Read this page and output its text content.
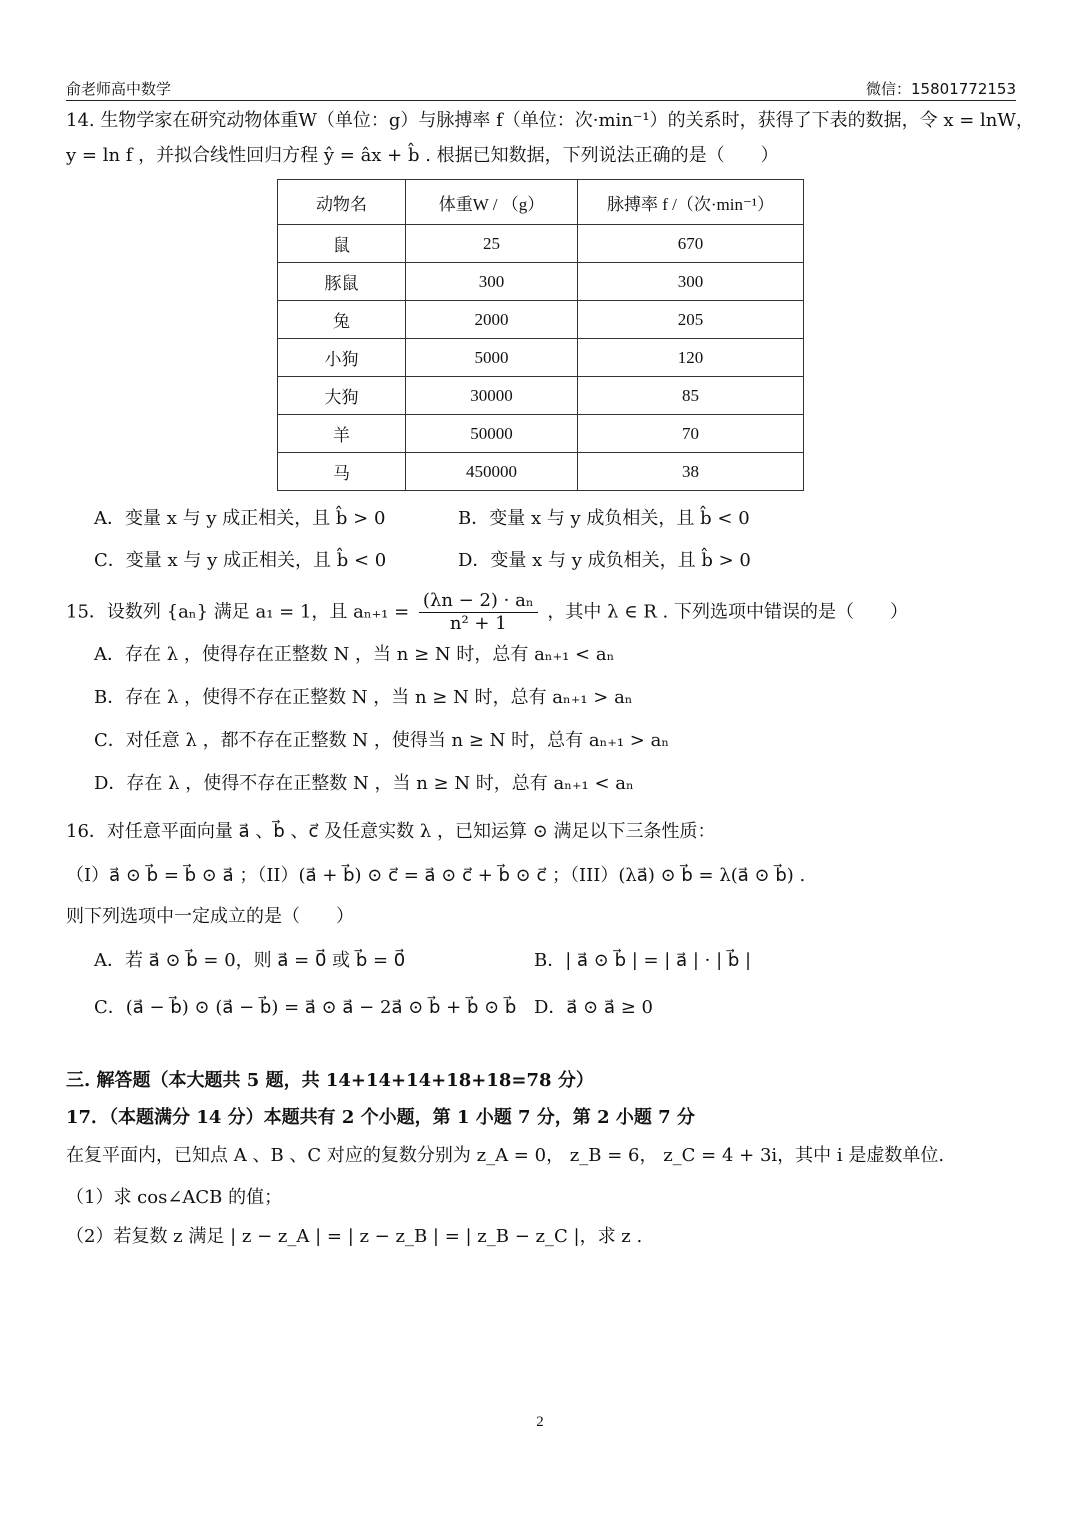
俞老师高中数学	微信：15801772153
14. 生物学家在研究动物体重W（单位：g）与脉搏率 f（单位：次·min⁻¹）的关系时，获得了下表的数据，令 x = lnW，
y = ln f ，并拟合线性回归方程 ŷ = âx + b̂ . 根据已知数据，下列说法正确的是（　　）
动物名	体重W / （g）	脉搏率 f /（次·min⁻¹）
鼠	25	670
豚鼠	300	300
兔	2000	205
小狗	5000	120
大狗	30000	85
羊	50000	70
马	450000	38
A．变量 x 与 y 成正相关，且 b̂ > 0	B．变量 x 与 y 成负相关，且 b̂ < 0
C．变量 x 与 y 成正相关，且 b̂ < 0	D．变量 x 与 y 成负相关，且 b̂ > 0
15．设数列 {aₙ} 满足 a₁ = 1，且 $a_{n+1} = \frac{\text{(λn − 2) · aₙ}}{\text{n² + 1}}$ ，其中 λ ∈ R . 下列选项中错误的是（　　）
A．存在 λ ，使得存在正整数 N ，当 n ≥ N 时，总有 aₙ₊₁ < aₙ
B．存在 λ ，使得不存在正整数 N ，当 n ≥ N 时，总有 aₙ₊₁ > aₙ
C．对任意 λ ，都不存在正整数 N ，使得当 n ≥ N 时，总有 aₙ₊₁ > aₙ
D．存在 λ ，使得不存在正整数 N ，当 n ≥ N 时，总有 aₙ₊₁ < aₙ
16．对任意平面向量 a⃗ 、b⃗ 、c⃗ 及任意实数 λ ，已知运算 ⊙ 满足以下三条性质：
（I）a⃗ ⊙ b⃗ = b⃗ ⊙ a⃗ ；（II）(a⃗ + b⃗) ⊙ c⃗ = a⃗ ⊙ c⃗ + b⃗ ⊙ c⃗ ；（III）(λa⃗) ⊙ b⃗ = λ(a⃗ ⊙ b⃗) .
则下列选项中一定成立的是（　　）
A．若 a⃗ ⊙ b⃗ = 0，则 a⃗ = 0⃗ 或 b⃗ = 0⃗	B．| a⃗ ⊙ b⃗ | = | a⃗ | · | b⃗ |
C．(a⃗ − b⃗) ⊙ (a⃗ − b⃗) = a⃗ ⊙ a⃗ − 2a⃗ ⊙ b⃗ + b⃗ ⊙ b⃗ D．a⃗ ⊙ a⃗ ≥ 0
三. 解答题（本大题共 5 题，共 14+14+14+18+18=78 分）
17．（本题满分 14 分）本题共有 2 个小题，第 1 小题 7 分，第 2 小题 7 分
在复平面内，已知点 A 、B 、C 对应的复数分别为 z_A = 0， z_B = 6， z_C = 4 + 3i，其中 i 是虚数单位.
（1）求 cos∠ACB 的值；
（2）若复数 z 满足 | z − z_A | = | z − z_B | = | z_B − z_C |，求 z .
2
